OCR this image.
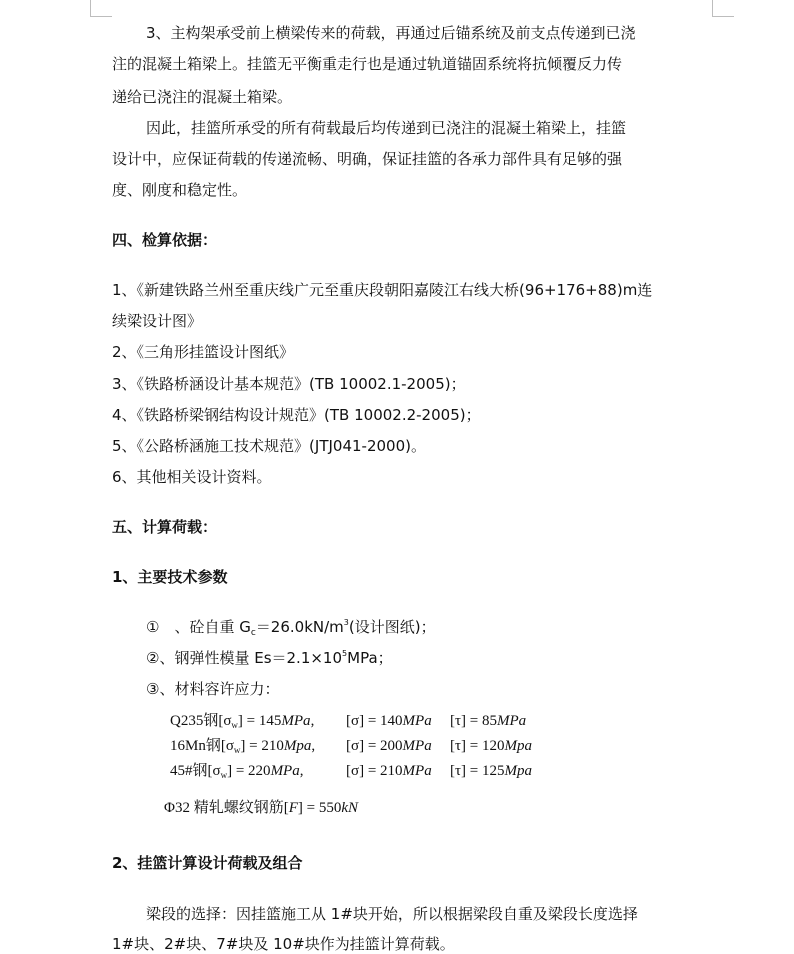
3、主构架承受前上横梁传来的荷载，再通过后锚系统及前支点传递到已浇
注的混凝土箱梁上。挂篮无平衡重走行也是通过轨道锚固系统将抗倾覆反力传
递给已浇注的混凝土箱梁。
因此，挂篮所承受的所有荷载最后均传递到已浇注的混凝土箱梁上，挂篮
设计中，应保证荷载的传递流畅、明确，保证挂篮的各承力部件具有足够的强
度、刚度和稳定性。
四、检算依据：
1、《新建铁路兰州至重庆线广元至重庆段朝阳嘉陵江右线大桥(96+176+88)m连
续梁设计图》
2、《三角形挂篮设计图纸》
3、《铁路桥涵设计基本规范》(TB 10002.1-2005)；
4、《铁路桥梁钢结构设计规范》(TB 10002.2-2005)；
5、《公路桥涵施工技术规范》(JTJ041-2000)。
6、其他相关设计资料。
五、计算荷载：
1、主要技术参数
①　、砼自重 $G_c=26.0kN/m^3$(设计图纸)；
②、钢弹性模量 $Es=2.1\times 10^5MPa$；
③、材料容许应力：
Q235钢[σw] = 145MPa, [σ] = 140MPa [τ] = 85MPa
16Mn钢[σw] = 210Mpa, [σ] = 200MPa [τ] = 120Mpa
45#钢[σw] = 220MPa,	[σ] = 210MPa [τ] = 125Mpa
Φ32 精轧螺纹钢筋[F] = 550kN
2、挂篮计算设计荷载及组合
梁段的选择：因挂篮施工从 1#块开始，所以根据梁段自重及梁段长度选择
1#块、2#块、7#块及 10#块作为挂篮计算荷载。
